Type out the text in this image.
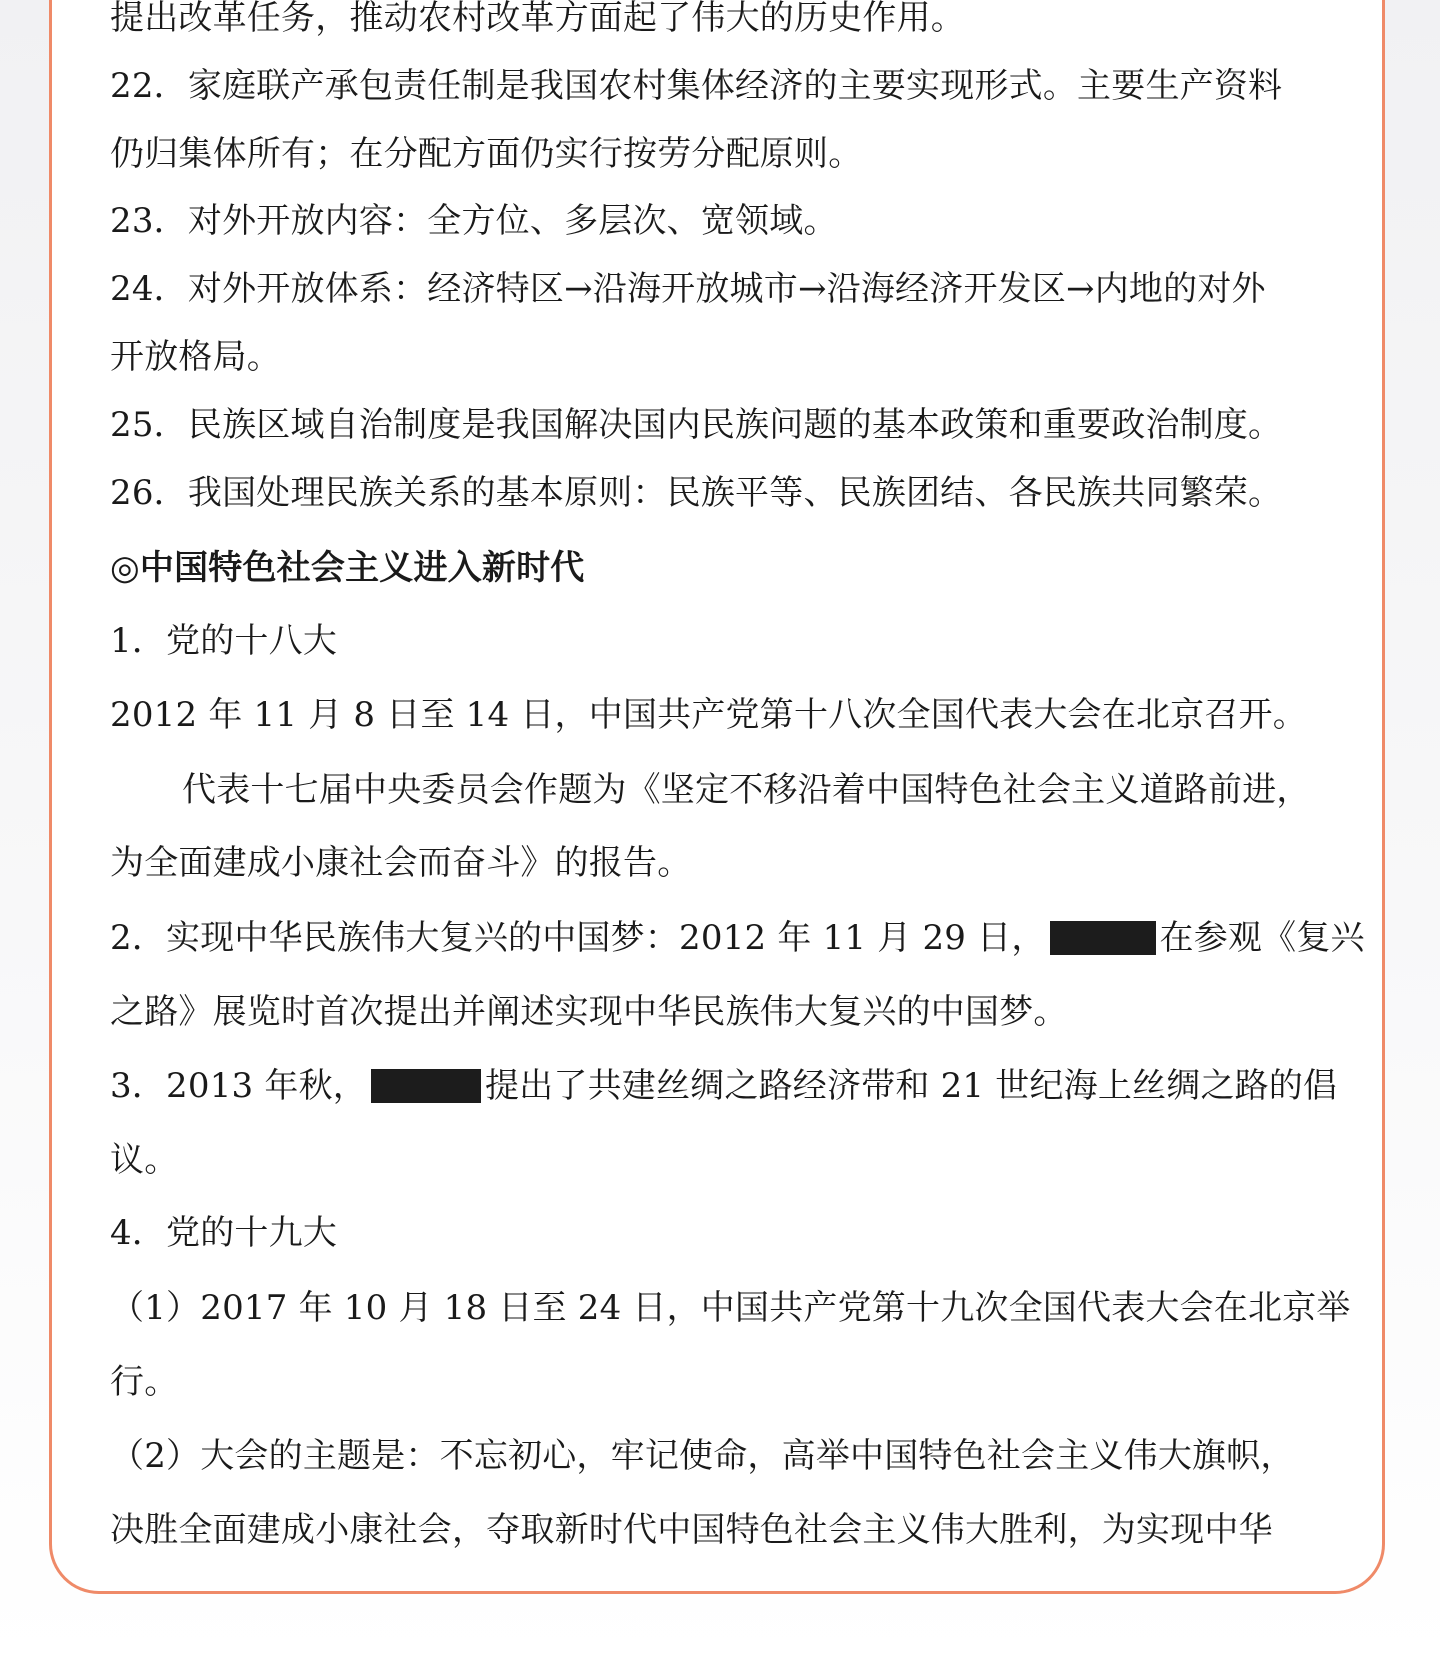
提出改革任务，推动农村改革方面起了伟大的历史作用。
22．家庭联产承包责任制是我国农村集体经济的主要实现形式。主要生产资料
仍归集体所有；在分配方面仍实行按劳分配原则。
23．对外开放内容：全方位、多层次、宽领域。
24．对外开放体系：经济特区→沿海开放城市→沿海经济开发区→内地的对外
开放格局。
25．民族区域自治制度是我国解决国内民族问题的基本政策和重要政治制度。
26．我国处理民族关系的基本原则：民族平等、民族团结、各民族共同繁荣。
◎中国特色社会主义进入新时代
1．党的十八大
2012 年 11 月 8 日至 14 日，中国共产党第十八次全国代表大会在北京召开。
代表十七届中央委员会作题为《坚定不移沿着中国特色社会主义道路前进，
为全面建成小康社会而奋斗》的报告。
2．实现中华民族伟大复兴的中国梦：2012 年 11 月 29 日，	在参观《复兴
之路》展览时首次提出并阐述实现中华民族伟大复兴的中国梦。
3．2013 年秋，	提出了共建丝绸之路经济带和 21 世纪海上丝绸之路的倡
议。
4．党的十九大
（1）2017 年 10 月 18 日至 24 日，中国共产党第十九次全国代表大会在北京举
行。
（2）大会的主题是：不忘初心，牢记使命，高举中国特色社会主义伟大旗帜，
决胜全面建成小康社会，夺取新时代中国特色社会主义伟大胜利，为实现中华
